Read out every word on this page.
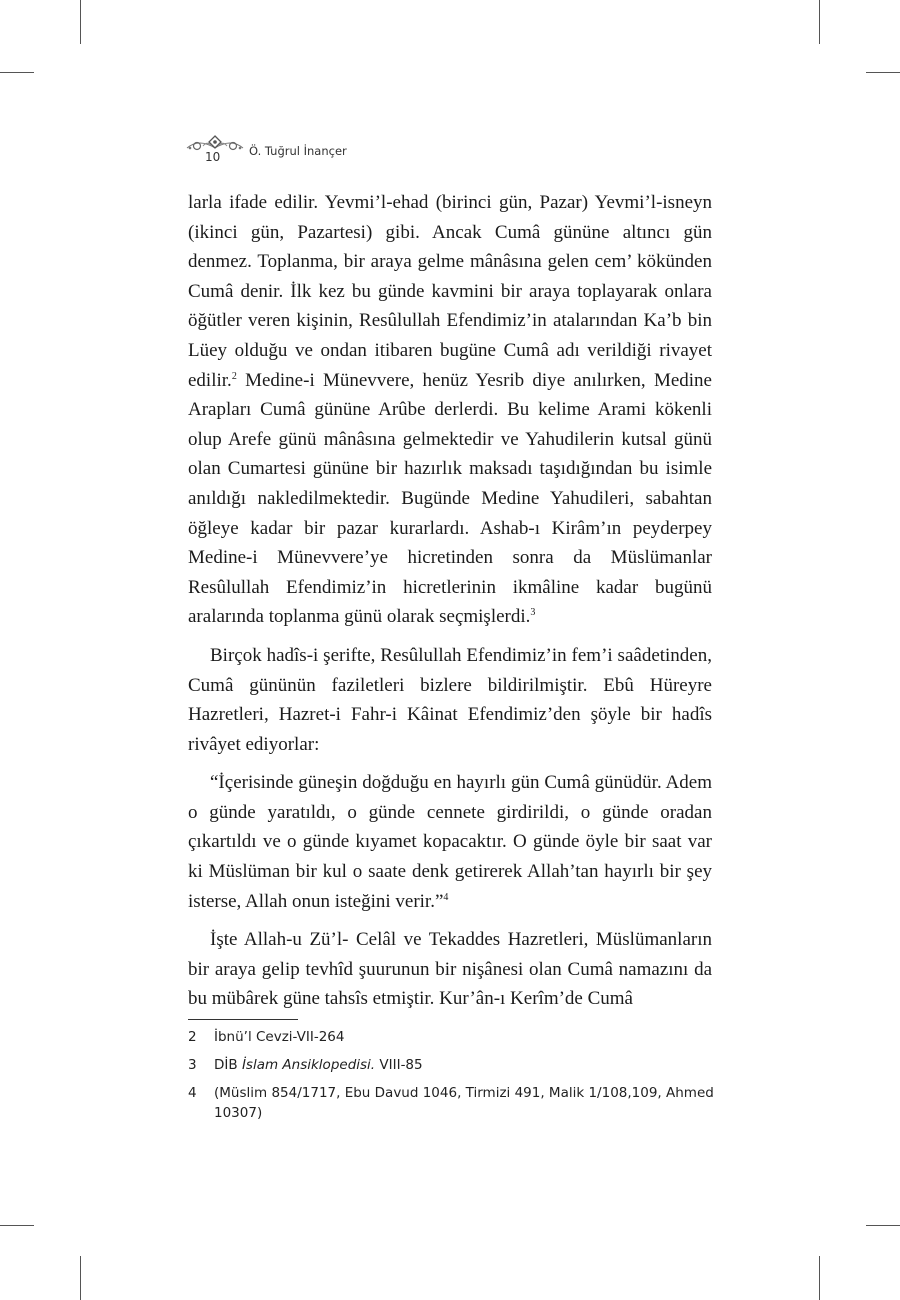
10 Ö. Tuğrul İnançer

larla ifade edilir. Yevmi’l-ehad (birinci gün, Pazar) Yevmi’l-isneyn (ikinci gün, Pazartesi) gibi. Ancak Cumâ gününe altıncı gün denmez. Toplanma, bir araya gelme mânâsına gelen cem’ kökünden Cumâ denir. İlk kez bu günde kavmini bir araya toplayarak onlara öğütler veren kişinin, Resûlullah Efendimiz’in atalarından Ka’b bin Lüey olduğu ve ondan itibaren bugüne Cumâ adı verildiği rivayet edilir.$^2$ Medine-i Münevvere, henüz Yesrib diye anılırken, Medine Arapları Cumâ gününe Arûbe derlerdi. Bu kelime Arami kökenli olup Arefe günü mânâsına gelmektedir ve Yahudilerin kutsal günü olan Cumartesi gününe bir hazırlık maksadı taşıdığından bu isimle anıldığı nakledilmektedir. Bugünde Medine Yahudileri, sabahtan öğleye kadar bir pazar kurarlardı. Ashab-ı Kirâm’ın peyderpey Medine-i Münevvere’ye hicretinden sonra da Müslümanlar Resûlullah Efendimiz’in hicretlerinin ikmâline kadar bugünü aralarında toplanma günü olarak seçmişlerdi.$^3$

Birçok hadîs-i şerifte, Resûlullah Efendimiz’in fem’i saâdetinden, Cumâ gününün faziletleri bizlere bildirilmiştir. Ebû Hüreyre Hazretleri, Hazret-i Fahr-i Kâinat Efendimiz’den şöyle bir hadîs rivâyet ediyorlar:

“İçerisinde güneşin doğduğu en hayırlı gün Cumâ günüdür. Adem o günde yaratıldı, o günde cennete girdirildi, o günde oradan çıkartıldı ve o günde kıyamet kopacaktır. O günde öyle bir saat var ki Müslüman bir kul o saate denk getirerek Allah’tan hayırlı bir şey isterse, Allah onun isteğini verir.”$^4$

İşte Allah-u Zü’l- Celâl ve Tekaddes Hazretleri, Müslümanların bir araya gelip tevhîd şuurunun bir nişânesi olan Cumâ namazını da bu mübârek güne tahsîs etmiştir. Kur’ân-ı Kerîm’de Cumâ

2 İbnü’l Cevzi-VII-264
3 DİB İslam Ansiklopedisi. VIII-85
4 (Müslim 854/1717, Ebu Davud 1046, Tirmizi 491, Malik 1/108,109, Ahmed 10307)
